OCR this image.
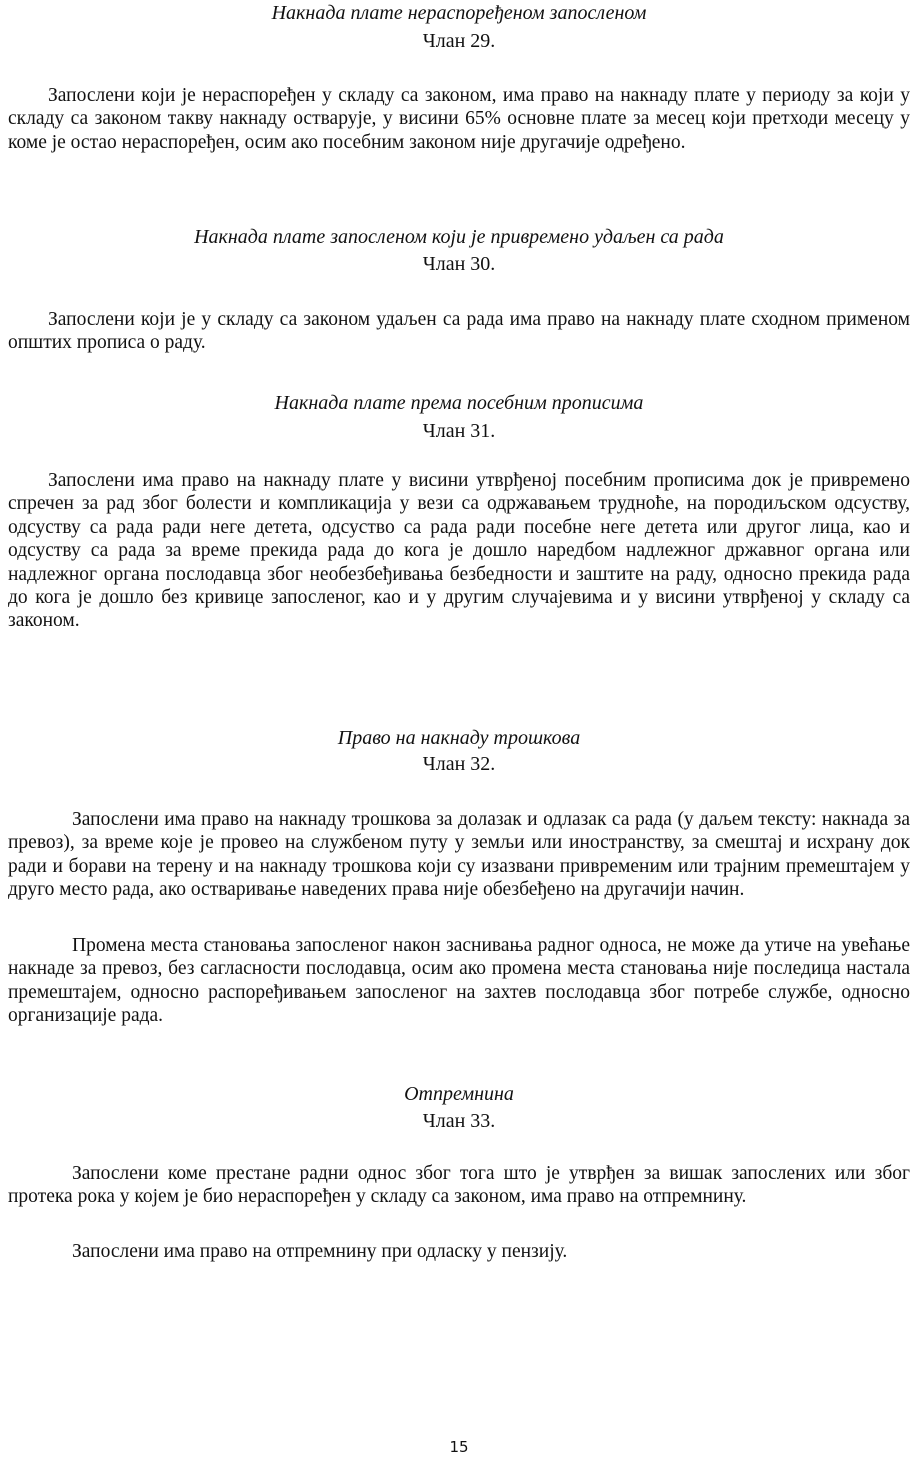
Накнада плате нераспоређеном запосленом
Члан 29.

Запослени који је нераспоређен у складу са законом, има право на накнаду плате у периоду за који у складу са законом такву накнаду остварује, у висини 65% основне плате за месец који претходи месецу у коме је остао нераспоређен, осим ако посебним законом није другачије одређено.

Накнада плате запосленом који је привремено удаљен са рада
Члан 30.

Запослени који је у складу са законом удаљен са рада има право на накнаду плате сходном применом општих прописа о раду.

Накнада плате према посебним прописима
Члан 31.

Запослени има право на накнаду плате у висини утврђеној посебним прописима док је привремено спречен за рад због болести и компликација у вези са одржавањем трудноће, на породиљском одсуству, одсуству са рада ради неге детета, одсуство са рада ради посебне неге детета или другог лица, као и одсуству са рада за време прекида рада до кога је дошло наредбом надлежног државног органа или надлежног органа послодавца због необезбеђивања безбедности и заштите на раду, односно прекида рада до кога је дошло без кривице запосленог, као и у другим случајевима и у висини утврђеној у складу са законом.

Право на накнаду трошкова
Члан 32.

Запослени има право на накнаду трошкова за долазак и одлазак са рада (у даљем тексту: накнада за превоз), за време које је провео на службеном путу у земљи или иностранству, за смештај и исхрану док ради и борави на терену и на накнаду трошкова који су изазвани привременим или трајним премештајем у друго место рада, ако остваривање наведених права није обезбеђено на другачији начин.

Промена места становања запосленог након заснивања радног односа, не може да утиче на увећање накнаде за превоз, без сагласности послодавца, осим ако промена места становања није последица настала премештајем, односно распоређивањем запосленог на захтев послодавца због потребе службе, односно организације рада.

Отпремнина
Члан 33.

Запослени коме престане радни однос због тога што је утврђен за вишак запослених или због протека рока у којем је био нераспоређен у складу са законом, има право на отпремнину.

Запослени има право на отпремнину при одласку у пензију.

15
